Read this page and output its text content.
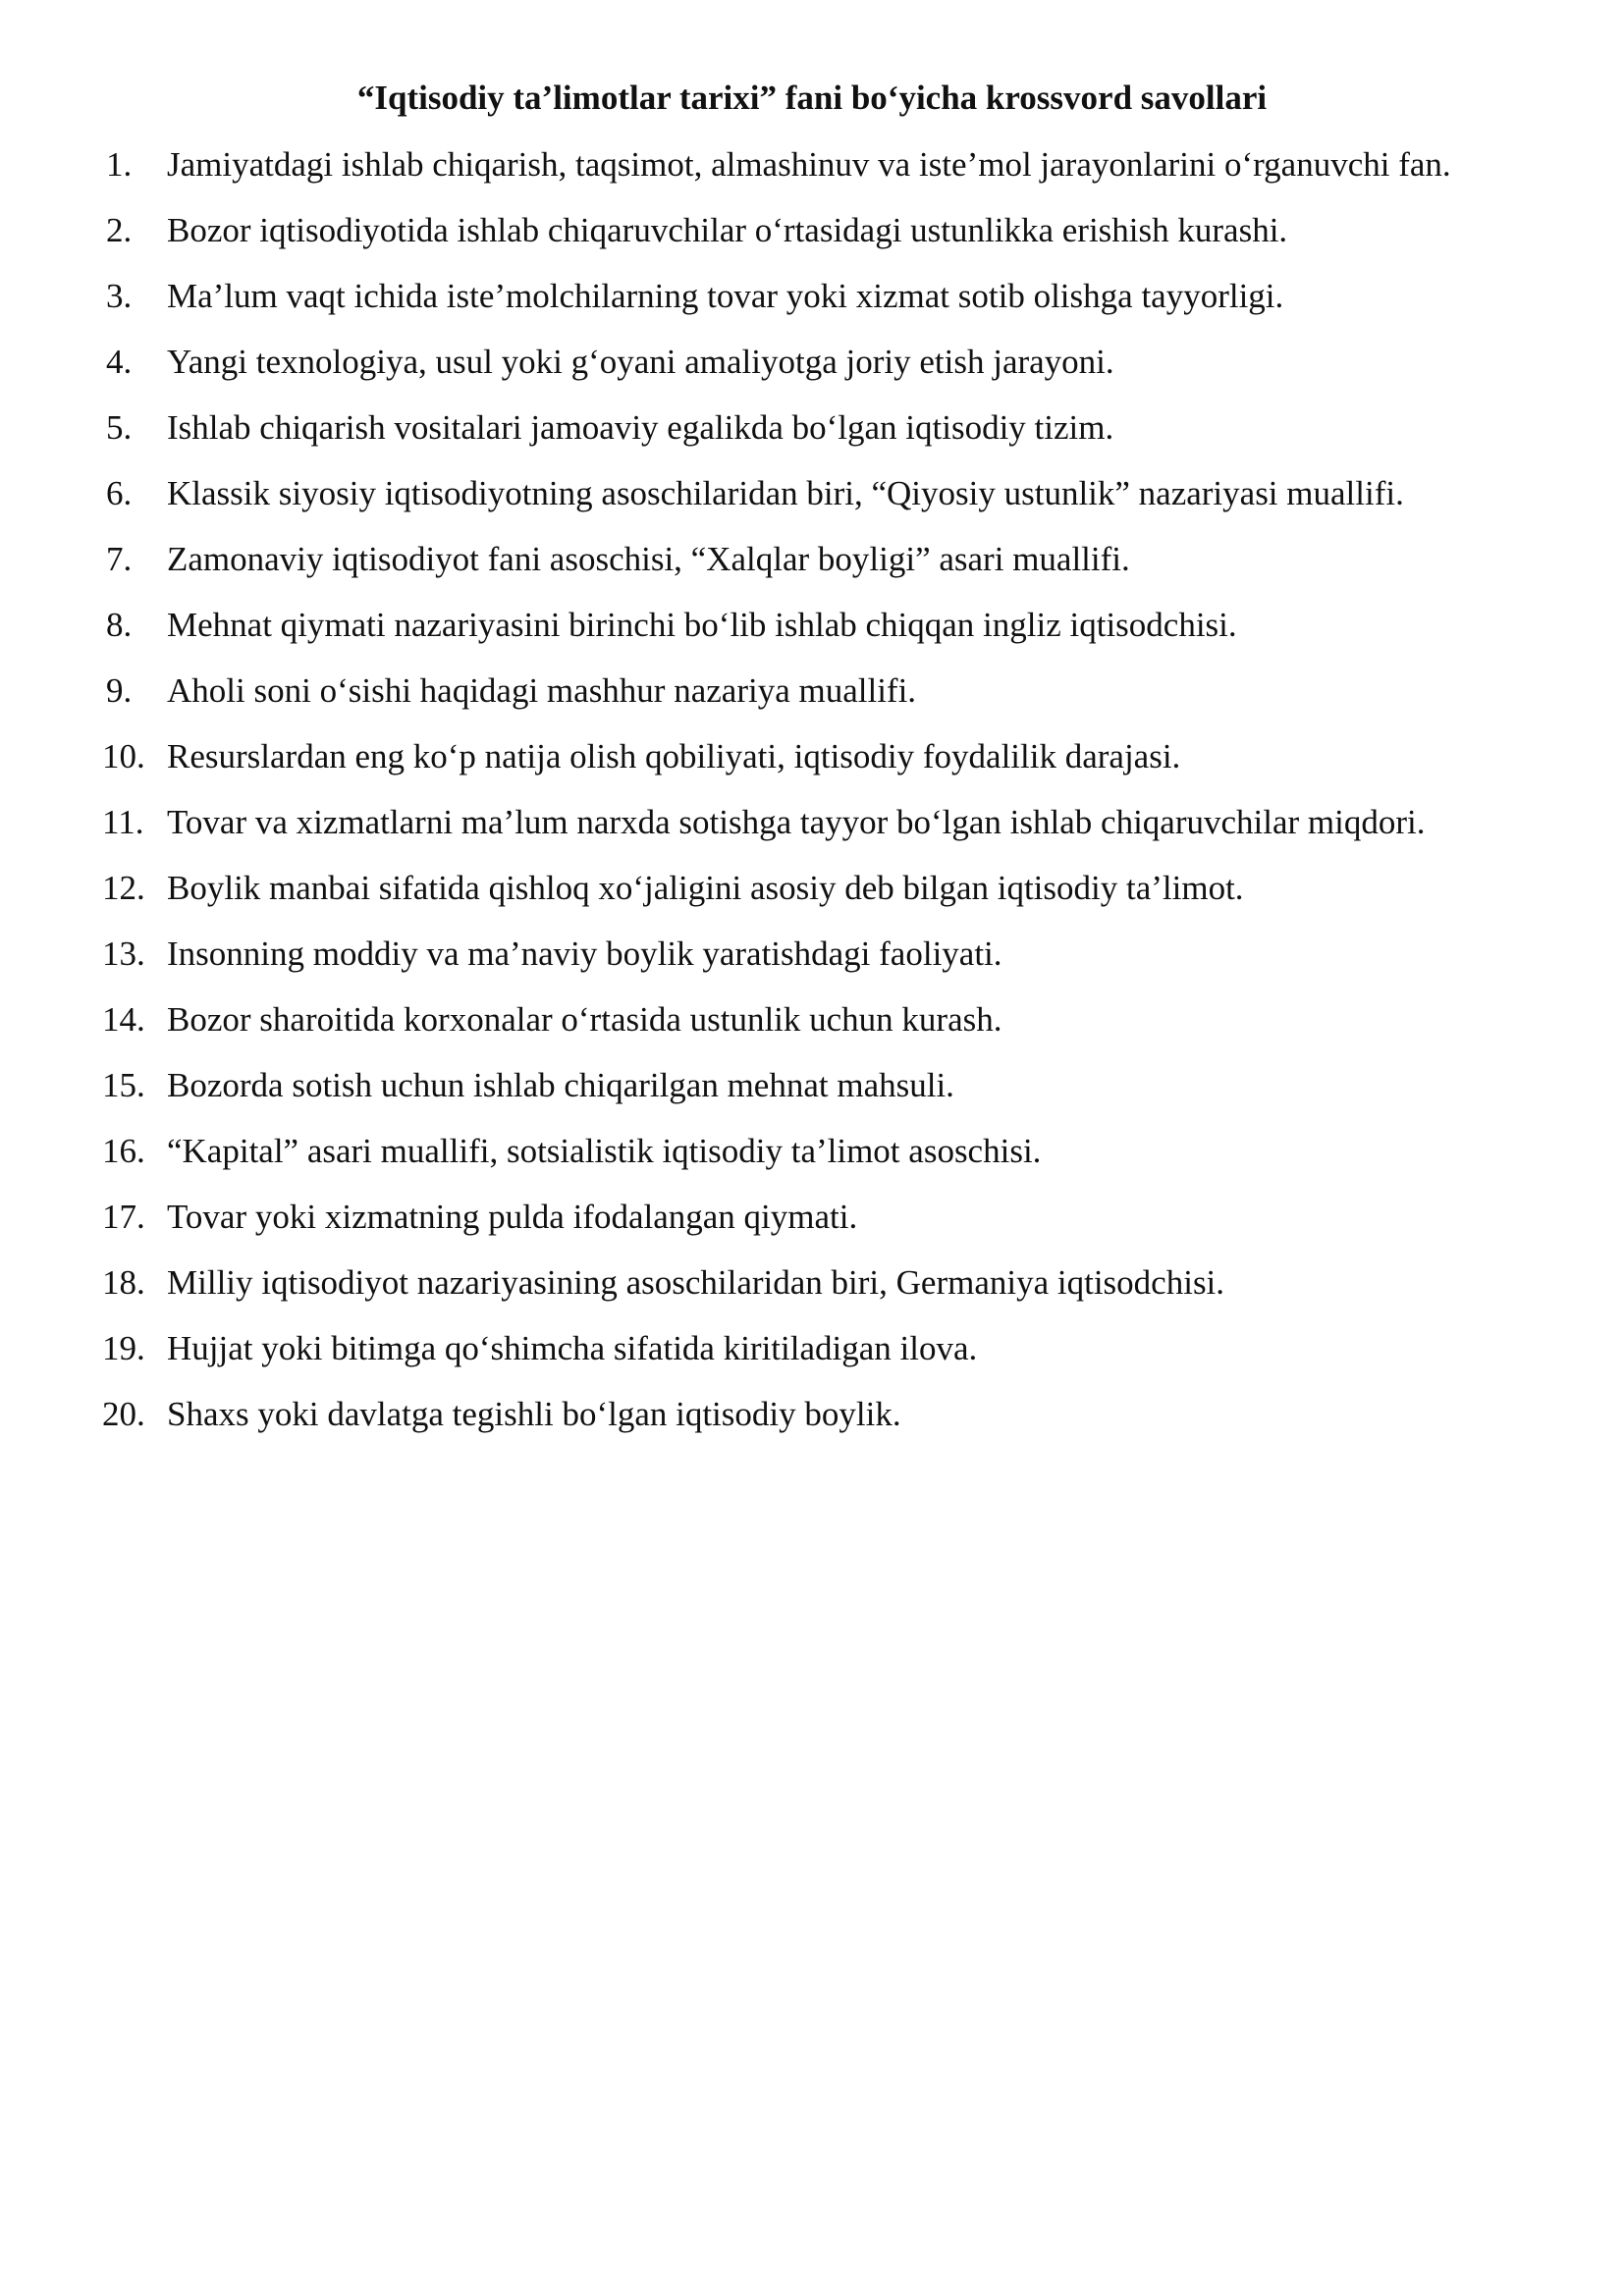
“Iqtisodiy ta’limotlar tarixi” fani bo‘yicha krossvord savollari
1.	Jamiyatdagi ishlab chiqarish, taqsimot, almashinuv va iste’mol jarayonlarini o‘rganuvchi fan.
2.	Bozor iqtisodiyotida ishlab chiqaruvchilar o‘rtasidagi ustunlikka erishish kurashi.
3.	Ma’lum vaqt ichida iste’molchilarning tovar yoki xizmat sotib olishga tayyorligi.
4.	Yangi texnologiya, usul yoki g‘oyani amaliyotga joriy etish jarayoni.
5.	Ishlab chiqarish vositalari jamoaviy egalikda bo‘lgan iqtisodiy tizim.
6.	Klassik siyosiy iqtisodiyotning asoschilaridan biri, “Qiyosiy ustunlik” nazariyasi muallifi.
7.	Zamonaviy iqtisodiyot fani asoschisi, “Xalqlar boyligi” asari muallifi.
8.	Mehnat qiymati nazariyasini birinchi bo‘lib ishlab chiqqan ingliz iqtisodchisi.
9.	Aholi soni o‘sishi haqidagi mashhur nazariya muallifi.
10. Resurslardan eng ko‘p natija olish qobiliyati, iqtisodiy foydalilik darajasi.
11. Tovar va xizmatlarni ma’lum narxda sotishga tayyor bo‘lgan ishlab chiqaruvchilar miqdori.
12. Boylik manbai sifatida qishloq xo‘jaligini asosiy deb bilgan iqtisodiy ta’limot.
13. Insonning moddiy va ma’naviy boylik yaratishdagi faoliyati.
14. Bozor sharoitida korxonalar o‘rtasida ustunlik uchun kurash.
15. Bozorda sotish uchun ishlab chiqarilgan mehnat mahsuli.
16. “Kapital” asari muallifi, sotsialistik iqtisodiy ta’limot asoschisi.
17. Tovar yoki xizmatning pulda ifodalangan qiymati.
18. Milliy iqtisodiyot nazariyasining asoschilaridan biri, Germaniya iqtisodchisi.
19. Hujjat yoki bitimga qo‘shimcha sifatida kiritiladigan ilova.
20. Shaxs yoki davlatga tegishli bo‘lgan iqtisodiy boylik.
